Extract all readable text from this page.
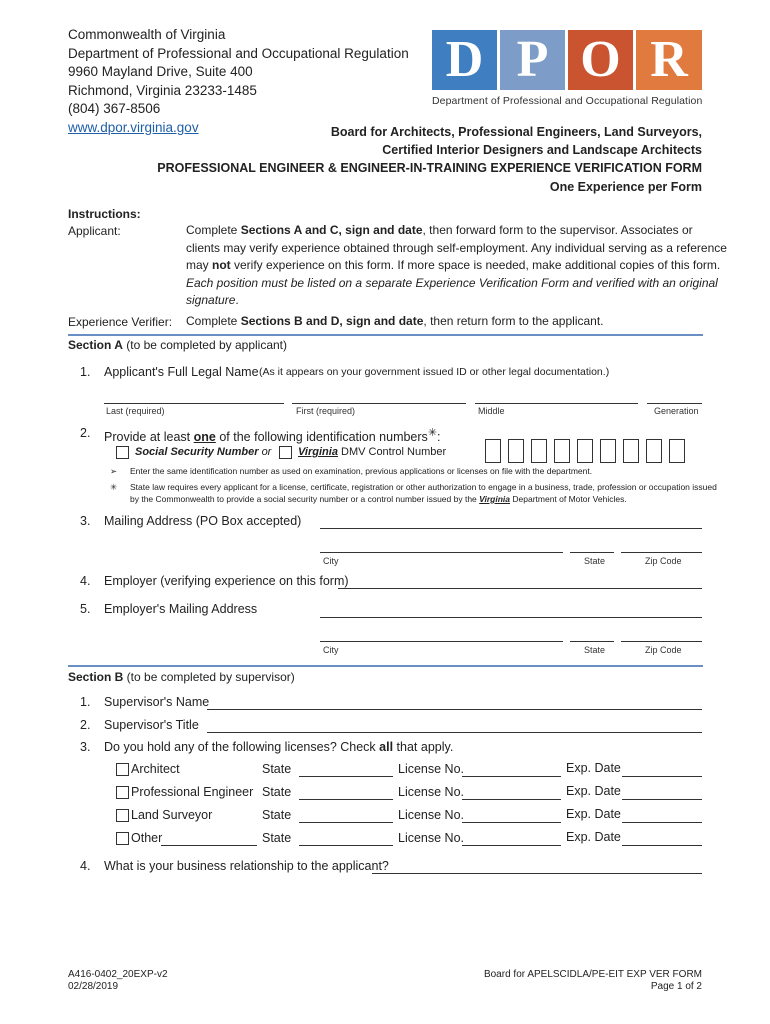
Commonwealth of Virginia
Department of Professional and Occupational Regulation
9960 Mayland Drive, Suite 400
Richmond, Virginia 23233-1485
(804) 367-8506
www.dpor.virginia.gov
D P O R
Department of Professional and Occupational Regulation
Board for Architects, Professional Engineers, Land Surveyors,
Certified Interior Designers and Landscape Architects
PROFESSIONAL ENGINEER & ENGINEER-IN-TRAINING EXPERIENCE VERIFICATION FORM
One Experience per Form
Instructions:
Applicant:	Complete Sections A and C, sign and date, then forward form to the supervisor. Associates or
clients may verify experience obtained through self-employment. Any individual serving as a reference
may not verify experience on this form. If more space is needed, make additional copies of this form.
Each position must be listed on a separate Experience Verification Form and verified with an original
signature.
Experience Verifier: Complete Sections B and D, sign and date, then return form to the applicant.
Section A (to be completed by applicant)
1. Applicant's Full Legal Name (As it appears on your government issued ID or other legal documentation.)
Last (required)	First (required)	Middle	Generation
2. Provide at least one of the following identification numbers✳:
Social Security Number or Virginia DMV Control Number
➢ Enter the same identification number as used on examination, previous applications or licenses on file with the department.
✳ State law requires every applicant for a license, certificate, registration or other authorization to engage in a business, trade, profession or occupation issued
by the Commonwealth to provide a social security number or a control number issued by the Virginia Department of Motor Vehicles.
3. Mailing Address (PO Box accepted)
City	State	Zip Code
4. Employer (verifying experience on this form)
5. Employer's Mailing Address
City	State	Zip Code
Section B (to be completed by supervisor)
1. Supervisor's Name
2. Supervisor's Title
3. Do you hold any of the following licenses? Check all that apply.
Architect	State	License No.	Exp. Date
Professional Engineer State	License No.	Exp. Date
Land Surveyor	State	License No.	Exp. Date
Other	State	License No.	Exp. Date
4. What is your business relationship to the applicant?
A416-0402_20EXP-v2
02/28/2019
Board for APELSCIDLA/PE-EIT EXP VER FORM
Page 1 of 2
